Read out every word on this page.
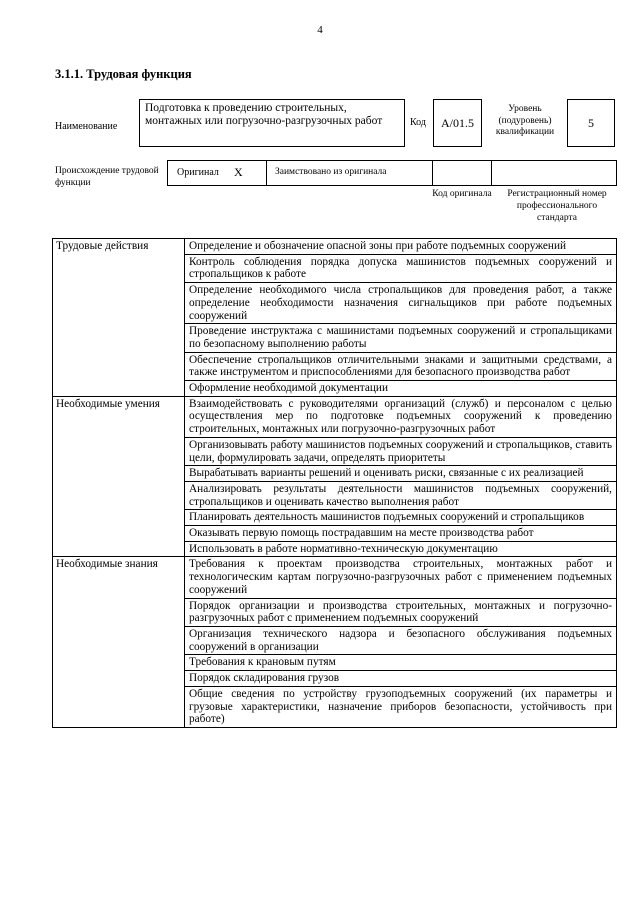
4
3.1.1. Трудовая функция
Наименование
Подготовка к проведению строительных, монтажных или погрузочно-разгрузочных работ	Код А/01.5
Уровень (подуровень) квалификации
5
Происхождение трудовой функции
Оригинал Х	Заимствовано из оригинала
Код оригинала	Регистрационный номер профессионального стандарта
Трудовые действия	Определение и обозначение опасной зоны при работе подъемных сооружений
	Контроль соблюдения порядка допуска машинистов подъемных сооружений и стропальщиков к работе
	Определение необходимого числа стропальщиков для проведения работ, а также определение необходимости назначения сигнальщиков при работе подъемных сооружений
	Проведение инструктажа с машинистами подъемных сооружений и стропальщиками по безопасному выполнению работы
	Обеспечение стропальщиков отличительными знаками и защитными средствами, а также инструментом и приспособлениями для безопасного производства работ
	Оформление необходимой документации
Необходимые умения	Взаимодействовать с руководителями организаций (служб) и персоналом с целью осуществления мер по подготовке подъемных сооружений к проведению строительных, монтажных или погрузочно-разгрузочных работ
	Организовывать работу машинистов подъемных сооружений и стропальщиков, ставить цели, формулировать задачи, определять приоритеты
	Вырабатывать варианты решений и оценивать риски, связанные с их реализацией
	Анализировать результаты деятельности машинистов подъемных сооружений, стропальщиков и оценивать качество выполнения работ
	Планировать деятельность машинистов подъемных сооружений и стропальщиков
	Оказывать первую помощь пострадавшим на месте производства работ
	Использовать в работе нормативно-техническую документацию
Необходимые знания	Требования к проектам производства строительных, монтажных работ и технологическим картам погрузочно-разгрузочных работ с применением подъемных сооружений
	Порядок организации и производства строительных, монтажных и погрузочно-разгрузочных работ с применением подъемных сооружений
	Организация технического надзора и безопасного обслуживания подъемных сооружений в организации
	Требования к крановым путям
	Порядок складирования грузов
	Общие сведения по устройству грузоподъемных сооружений (их параметры и грузовые характеристики, назначение приборов безопасности, устойчивость при работе)
